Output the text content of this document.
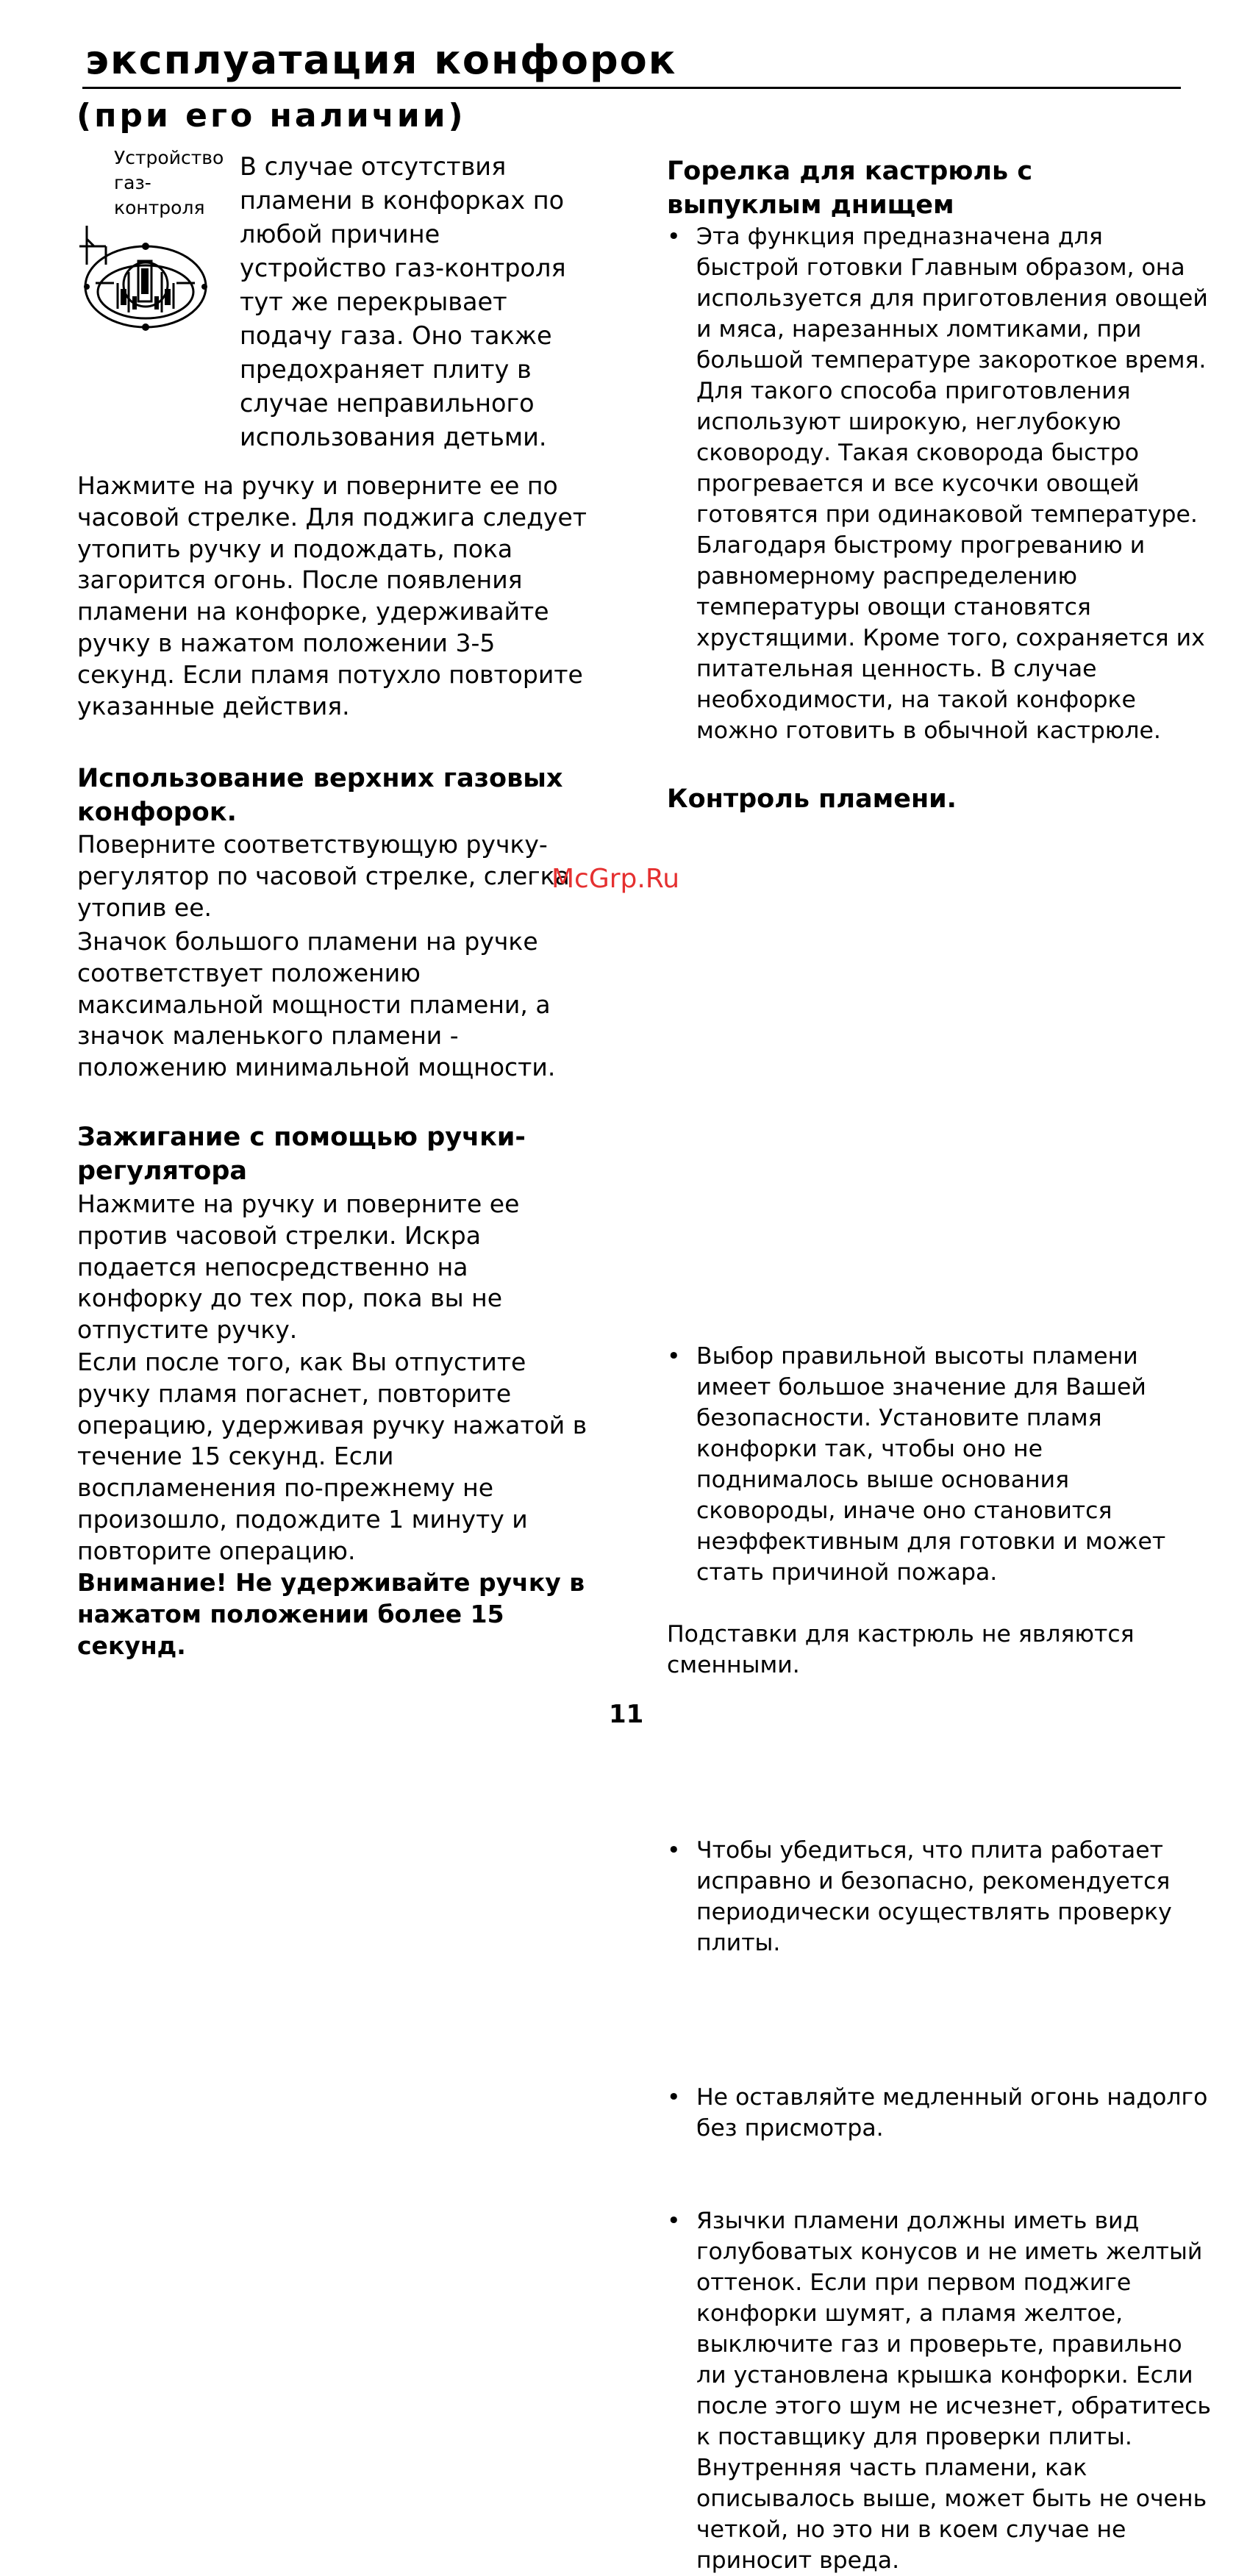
эксплуатация конфорок
(при его наличии)
Устройство газ-контроля
В случае отсутствия пламени в конфорках по любой причине устройство газ-контроля тут же перекрывает подачу газа. Оно также предохраняет плиту в случае неправильного использования детьми.
Нажмите на ручку и поверните ее по часовой стрелке. Для поджига следует утопить ручку и подождать, пока загорится огонь. После появления пламени на конфорке, удерживайте ручку в нажатом положении 3-5 секунд. Если пламя потухло повторите указанные действия.
Использование верхних газовых конфорок.
Поверните соответствующую ручку-регулятор по часовой стрелке, слегка утопив ее.
Значок большого пламени на ручке соответствует положению максимальной мощности пламени, а значок маленького пламени - положению минимальной мощности.
Зажигание с помощью ручки-регулятора
Нажмите на ручку и поверните ее против часовой стрелки. Искра подается непосредственно на конфорку до тех пор, пока вы не отпустите ручку.
Если после того, как Вы отпустите ручку пламя погаснет, повторите операцию, удерживая ручку нажатой в течение 15 секунд. Если воспламенения по-прежнему не произошло, подождите 1 минуту и повторите операцию.
Внимание! Не удерживайте ручку в нажатом положении более 15 секунд.
Горелка для кастрюль с выпуклым днищем
• Эта функция предназначена для быстрой готовки Главным образом, она используется для приготовления овощей и мяса, нарезанных ломтиками, при большой температуре закороткое время. Для такого способа приготовления используют широкую, неглубокую сковороду. Такая сковорода быстро прогревается и все кусочки овощей готовятся при одинаковой температуре. Благодаря быстрому прогреванию и равномерному распределению температуры овощи становятся хрустящими. Кроме того, сохраняется их питательная ценность. В случае необходимости, на такой конфорке можно готовить в обычной кастрюле.
Контроль пламени.
• Выбор правильной высоты пламени имеет большое значение для Вашей безопасности. Установите пламя конфорки так, чтобы оно не поднималось выше основания сковороды, иначе оно становится неэффективным для готовки и может стать причиной пожара.
• Чтобы убедиться, что плита работает исправно и безопасно, рекомендуется периодически осуществлять проверку плиты.
• Не оставляйте медленный огонь надолго без присмотра.
• Язычки пламени должны иметь вид голубоватых конусов и не иметь желтый оттенок. Если при первом поджиге конфорки шумят, а пламя желтое, выключите газ и проверьте, правильно ли установлена крышка конфорки. Если после этого шум не исчезнет, обратитесь к поставщику для проверки плиты. Внутренняя часть пламени, как описывалось выше, может быть не очень четкой, но это ни в коем случае не приносит вреда.
Подставки для кастрюль не являются сменными.
McGrp.Ru
11
